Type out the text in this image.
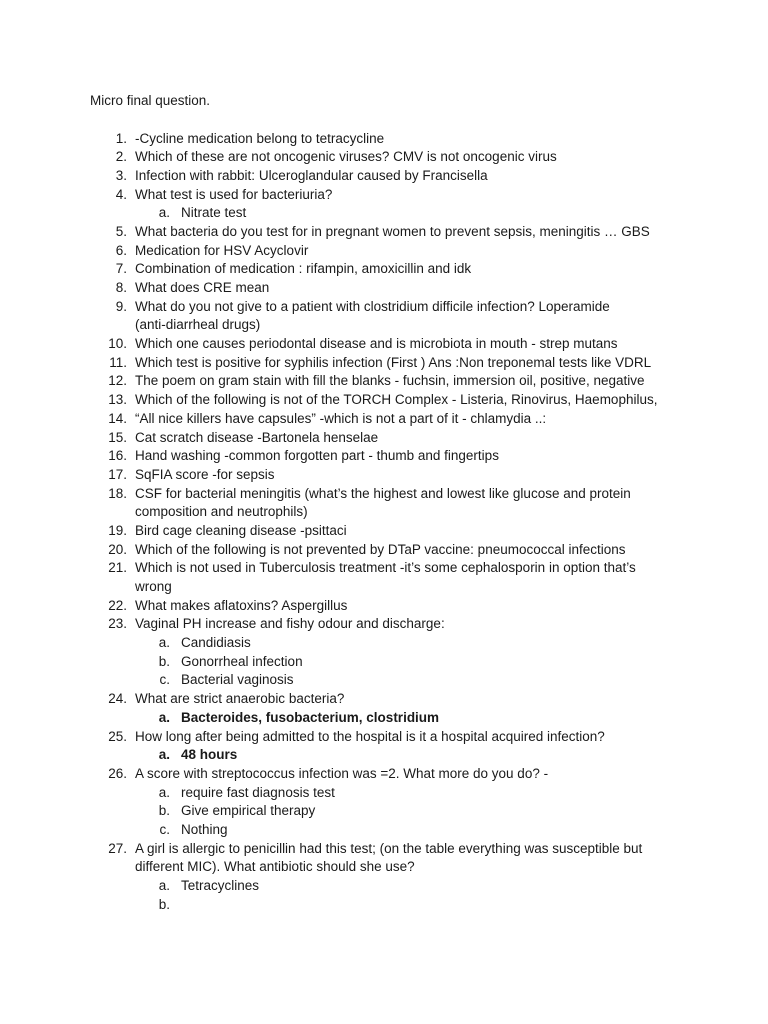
Micro final question.
1. -Cycline medication belong to tetracycline
2. Which of these are not oncogenic viruses? CMV is not oncogenic virus
3. Infection with rabbit: Ulceroglandular caused by Francisella
4. What test is used for bacteriuria?
a. Nitrate test
5. What bacteria do you test for in pregnant women to prevent sepsis, meningitis … GBS
6. Medication for HSV Acyclovir
7. Combination of medication : rifampin, amoxicillin and idk
8. What does CRE mean
9. What do you not give to a patient with clostridium difficile infection? Loperamide
(anti-diarrheal drugs)
10. Which one causes periodontal disease and is microbiota in mouth - strep mutans
11. Which test is positive for syphilis infection (First ) Ans :Non treponemal tests like VDRL
12. The poem on gram stain with fill the blanks - fuchsin, immersion oil, positive, negative
13. Which of the following is not of the TORCH Complex - Listeria, Rinovirus, Haemophilus,
14. “All nice killers have capsules” -which is not a part of it - chlamydia ..:
15. Cat scratch disease -Bartonela henselae
16. Hand washing -common forgotten part - thumb and fingertips
17. SqFIA score -for sepsis
18. CSF for bacterial meningitis (what’s the highest and lowest like glucose and protein
composition and neutrophils)
19. Bird cage cleaning disease -psittaci
20. Which of the following is not prevented by DTaP vaccine: pneumococcal infections
21. Which is not used in Tuberculosis treatment -it’s some cephalosporin in option that’s
wrong
22. What makes aflatoxins? Aspergillus
23. Vaginal PH increase and fishy odour and discharge:
a. Candidiasis
b. Gonorrheal infection
c. Bacterial vaginosis
24. What are strict anaerobic bacteria?
a. Bacteroides, fusobacterium, clostridium
25. How long after being admitted to the hospital is it a hospital acquired infection?
a. 48 hours
26. A score with streptococcus infection was =2. What more do you do? -
a. require fast diagnosis test
b. Give empirical therapy
c. Nothing
27. A girl is allergic to penicillin had this test; (on the table everything was susceptible but
different MIC). What antibiotic should she use?
a. Tetracyclines
b.
